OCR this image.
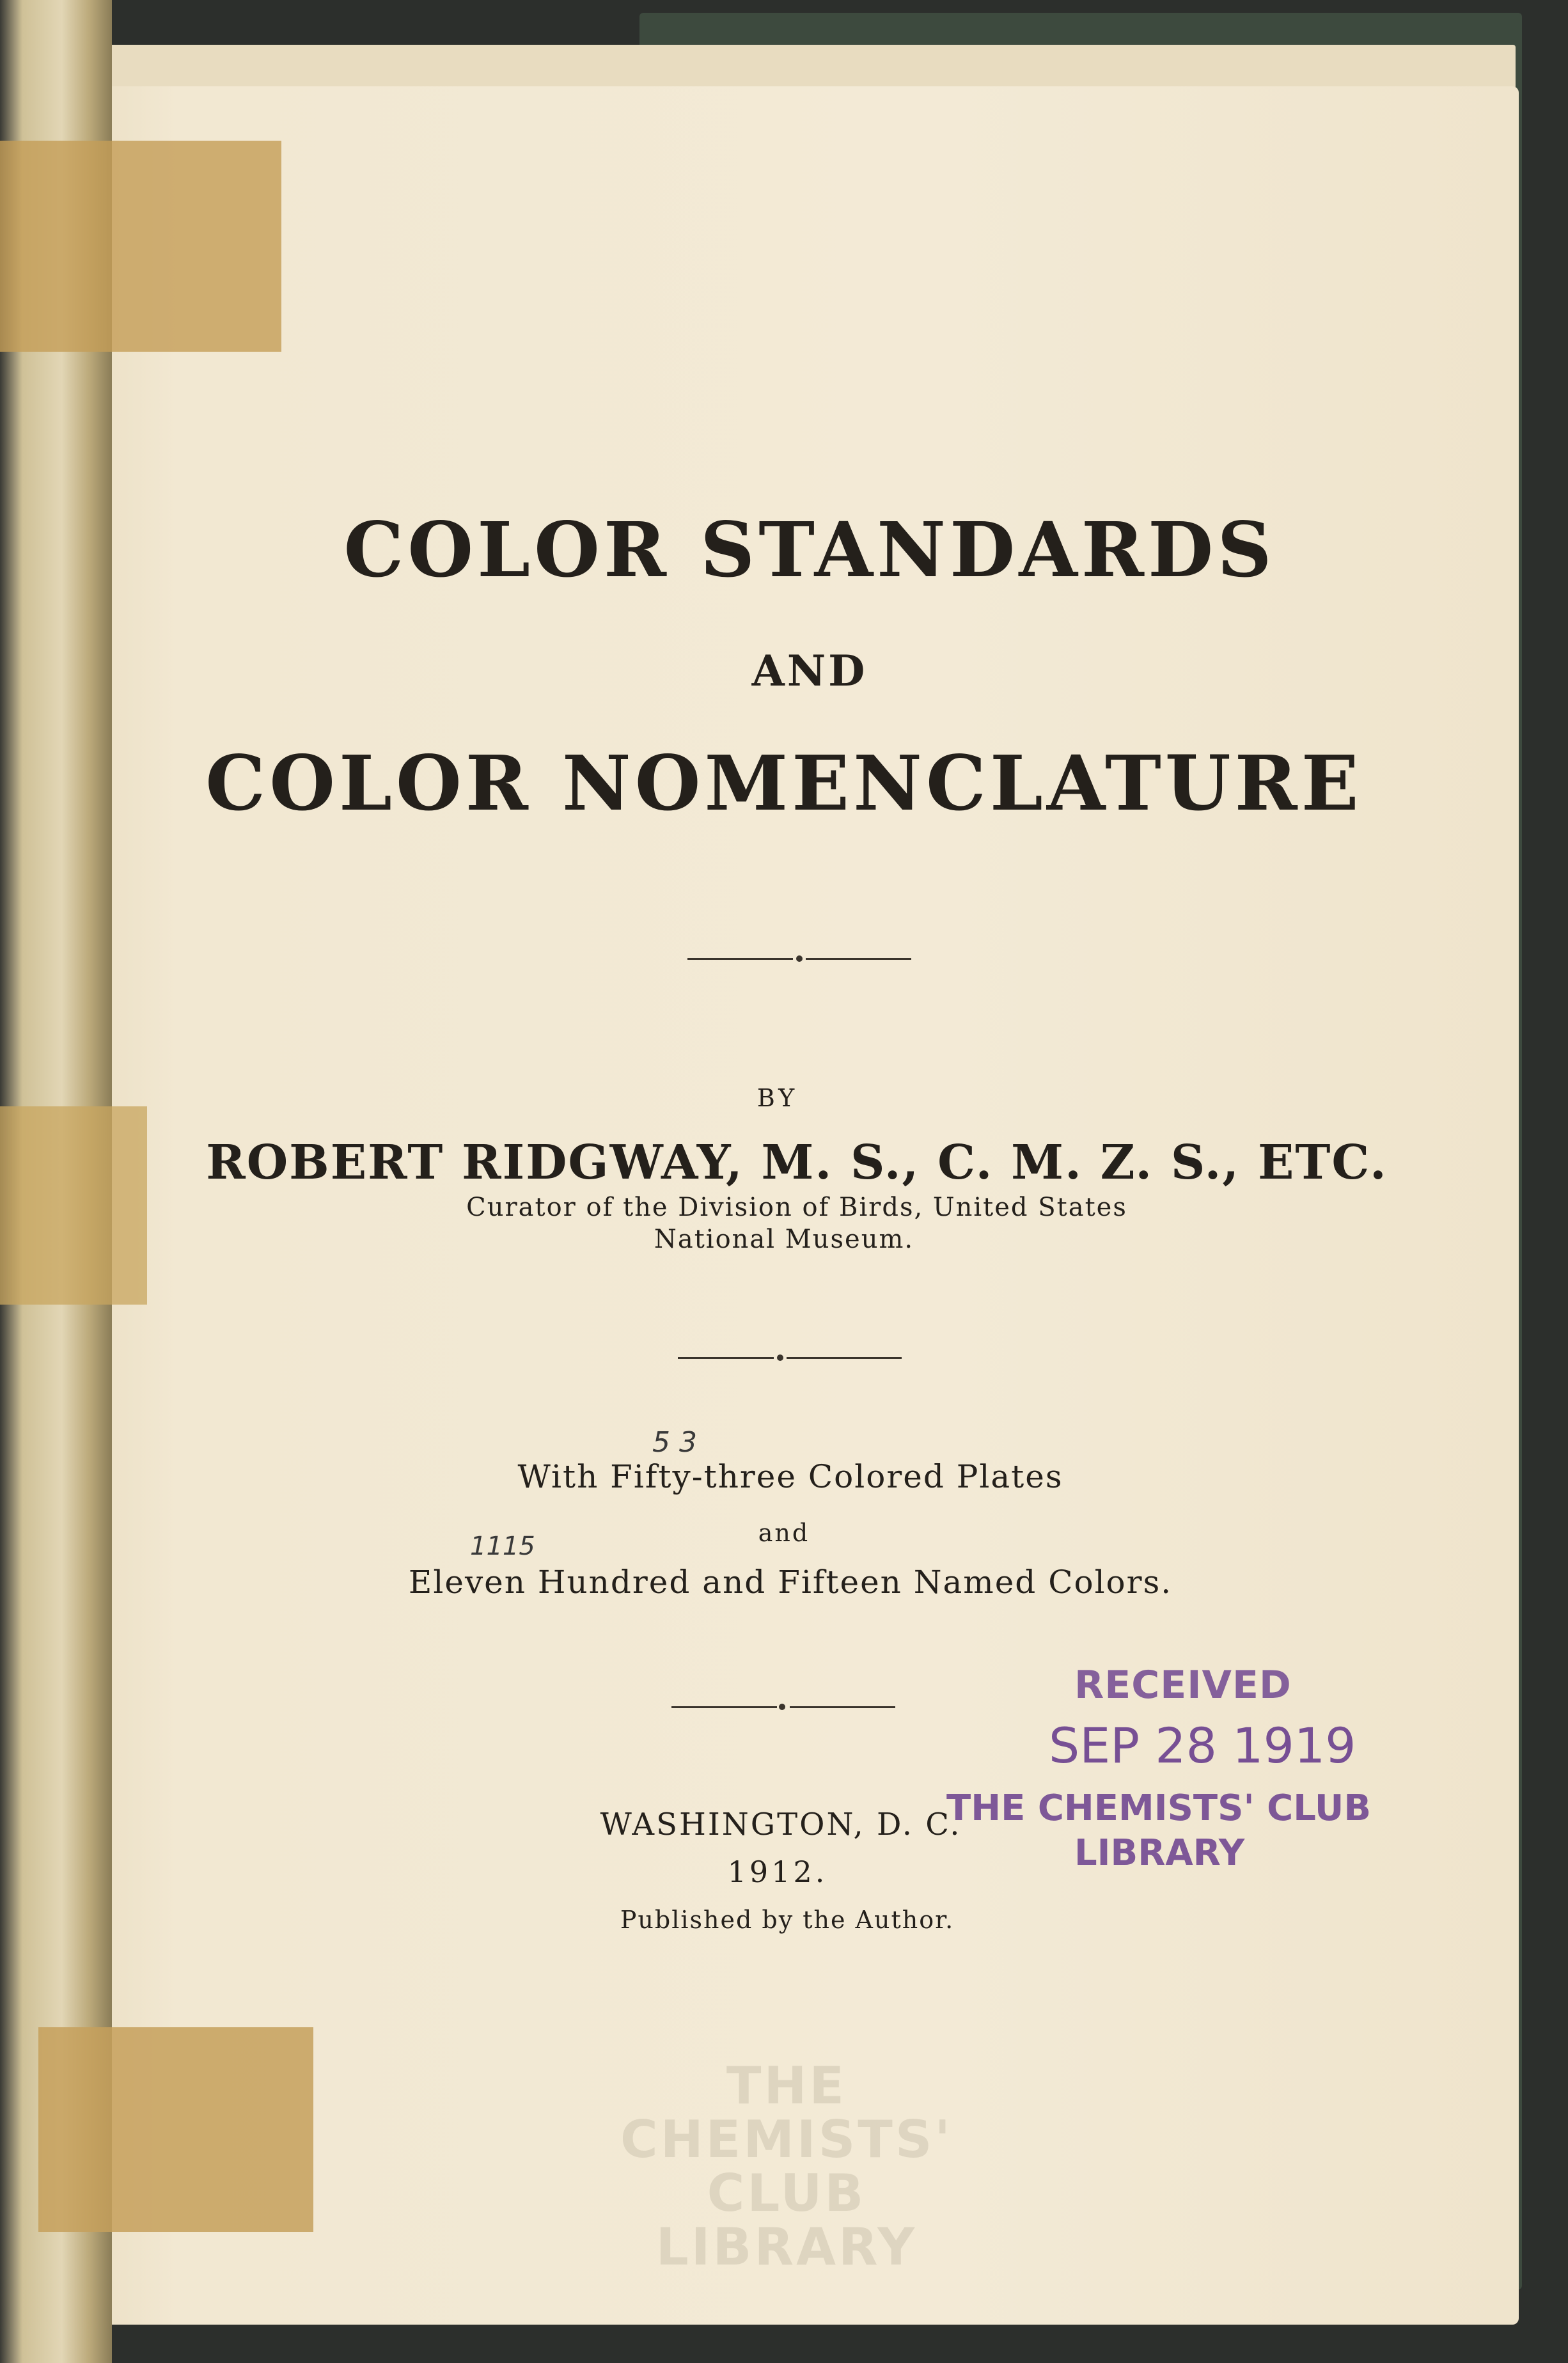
COLOR STANDARDS
AND
COLOR NOMENCLATURE
BY
ROBERT RIDGWAY, M. S., C. M. Z. S., ETC.
Curator of the Division of Birds, United States
National Museum.
5 3
With Fifty-three Colored Plates
and
1115
Eleven Hundred and Fifteen Named Colors.
WASHINGTON, D. C.
1912.
Published by the Author.
RECEIVED
SEP 28 1919
THE CHEMISTS' CLUB
LIBRARY
THE
CHEMISTS' CLUB
LIBRARY
